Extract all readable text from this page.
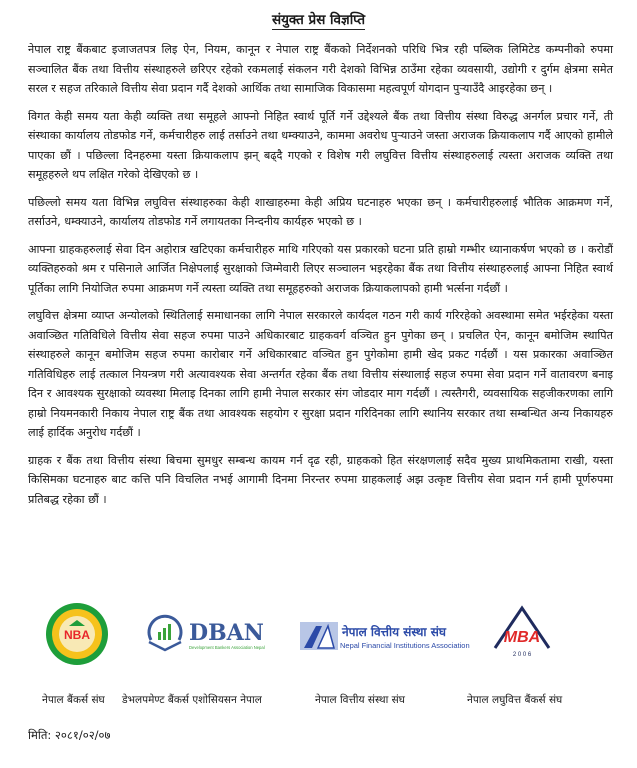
संयुक्त प्रेस विज्ञप्ति

नेपाल राष्ट्र बैंकबाट इजाजतपत्र लिइ ऐन, नियम, कानून र नेपाल राष्ट्र बैंकको निर्देशनको परिधि भित्र रही पब्लिक लिमिटेड कम्पनीको रुपमा सञ्चालित बैंक तथा वित्तीय संस्थाहरुले छरिएर रहेको रकमलाई संकलन गरी देशको विभिन्न ठाउँमा रहेका व्यवसायी, उद्योगी र दुर्गम क्षेत्रमा समेत सरल र सहज तरिकाले वित्तीय सेवा प्रदान गर्दै देशको आर्थिक तथा सामाजिक विकासमा महत्वपूर्ण योगदान पुऱ्याउँदै आइरहेका छन् ।

विगत केही समय यता केही व्यक्ति तथा समूहले आफ्नो निहित स्वार्थ पूर्ति गर्ने उद्देश्यले बैंक तथा वित्तीय संस्था विरुद्ध अनर्गल प्रचार गर्ने, ती संस्थाका कार्यालय तोडफोड गर्ने, कर्मचारीहरु लाई तर्साउने तथा धम्क्याउने, काममा अवरोध पुऱ्याउने जस्ता अराजक क्रियाकलाप गर्दै आएको हामीले पाएका छौं । पछिल्ला दिनहरुमा यस्ता क्रियाकलाप झन् बढ्दै गएको र विशेष गरी लघुवित्त वित्तीय संस्थाहरुलाई त्यस्ता अराजक व्यक्ति तथा समूहहरुले थप लक्षित गरेको देखिएको छ ।

पछिल्लो समय यता विभिन्न लघुवित्त संस्थाहरुका केही शाखाहरुमा केही अप्रिय घटनाहरु भएका छन् । कर्मचारीहरुलाई भौतिक आक्रमण गर्ने, तर्साउने, धम्क्याउने, कार्यालय तोडफोड गर्ने लगायतका निन्दनीय कार्यहरु भएको छ ।

आफ्ना ग्राहकहरुलाई सेवा दिन अहोरात्र खटिएका कर्मचारीहरु माथि गरिएको यस प्रकारको घटना प्रति हाम्रो गम्भीर ध्यानाकर्षण भएको छ । करोडौं व्यक्तिहरुको श्रम र पसिनाले आर्जित निक्षेपलाई सुरक्षाको जिम्मेवारी लिएर सञ्चालन भइरहेका बैंक तथा वित्तीय संस्थाहरुलाई आफ्ना निहित स्वार्थ पूर्तिका लागि नियोजित रुपमा आक्रमण गर्ने त्यस्ता व्यक्ति तथा समूहहरुको अराजक क्रियाकलापको हामी भर्त्सना गर्दछौं ।

लघुवित्त क्षेत्रमा व्याप्त अन्योलको स्थितिलाई समाधानका लागि नेपाल सरकारले कार्यदल गठन गरी कार्य गरिरहेको अवस्थामा समेत भईरहेका यस्ता अवाञ्छित गतिविधिले वित्तीय सेवा सहज रुपमा पाउने अधिकारबाट ग्राहकवर्ग वञ्चित हुन पुगेका छन् । प्रचलित ऐन, कानून बमोजिम स्थापित संस्थाहरुले कानून बमोजिम सहज रुपमा कारोबार गर्ने अधिकारबाट वञ्चित हुन पुगेकोमा हामी खेद प्रकट गर्दछौं । यस प्रकारका अवाञ्छित गतिविधिहरु लाई तत्काल नियन्त्रण गरी अत्यावश्यक सेवा अन्तर्गत रहेका बैंक तथा वित्तीय संस्थालाई सहज रुपमा सेवा प्रदान गर्ने वातावरण बनाइ दिन र आवश्यक सुरक्षाको व्यवस्था मिलाइ दिनका लागि हामी नेपाल सरकार संग जोडदार माग गर्दछौं । त्यस्तैगरी, व्यवसायिक सहजीकरणका लागि हाम्रो नियमनकारी निकाय नेपाल राष्ट्र बैंक तथा आवश्यक सहयोग र सुरक्षा प्रदान गरिदिनका लागि स्थानिय सरकार तथा सम्बन्धित अन्य निकायहरु लाई हार्दिक अनुरोध गर्दछौं ।

ग्राहक र बैंक तथा वित्तीय संस्था बिचमा सुमधुर सम्बन्ध कायम गर्न दृढ रही, ग्राहकको हित संरक्षणलाई सदैव मुख्य प्राथमिकतामा राखी, यस्ता किसिमका घटनाहरु बाट कत्ति पनि विचलित नभई आगामी दिनमा निरन्तर रुपमा ग्राहकलाई अझ उत्कृष्ट वित्तीय सेवा प्रदान गर्न हामी पूर्णरुपमा प्रतिबद्ध रहेका छौं ।

NBA	DBAN
Development Bankers Association Nepal
नेपाल वित्तीय संस्था संघ
Nepal Financial Institutions Association MBA
2 0 0 6
नेपाल बैंकर्स संघ डेभलपमेण्ट बैंकर्स एशोसियसन नेपाल	नेपाल वित्तीय संस्था संघ	नेपाल लघुवित्त बैंकर्स संघ
मिति: २०८१/०२/०७
